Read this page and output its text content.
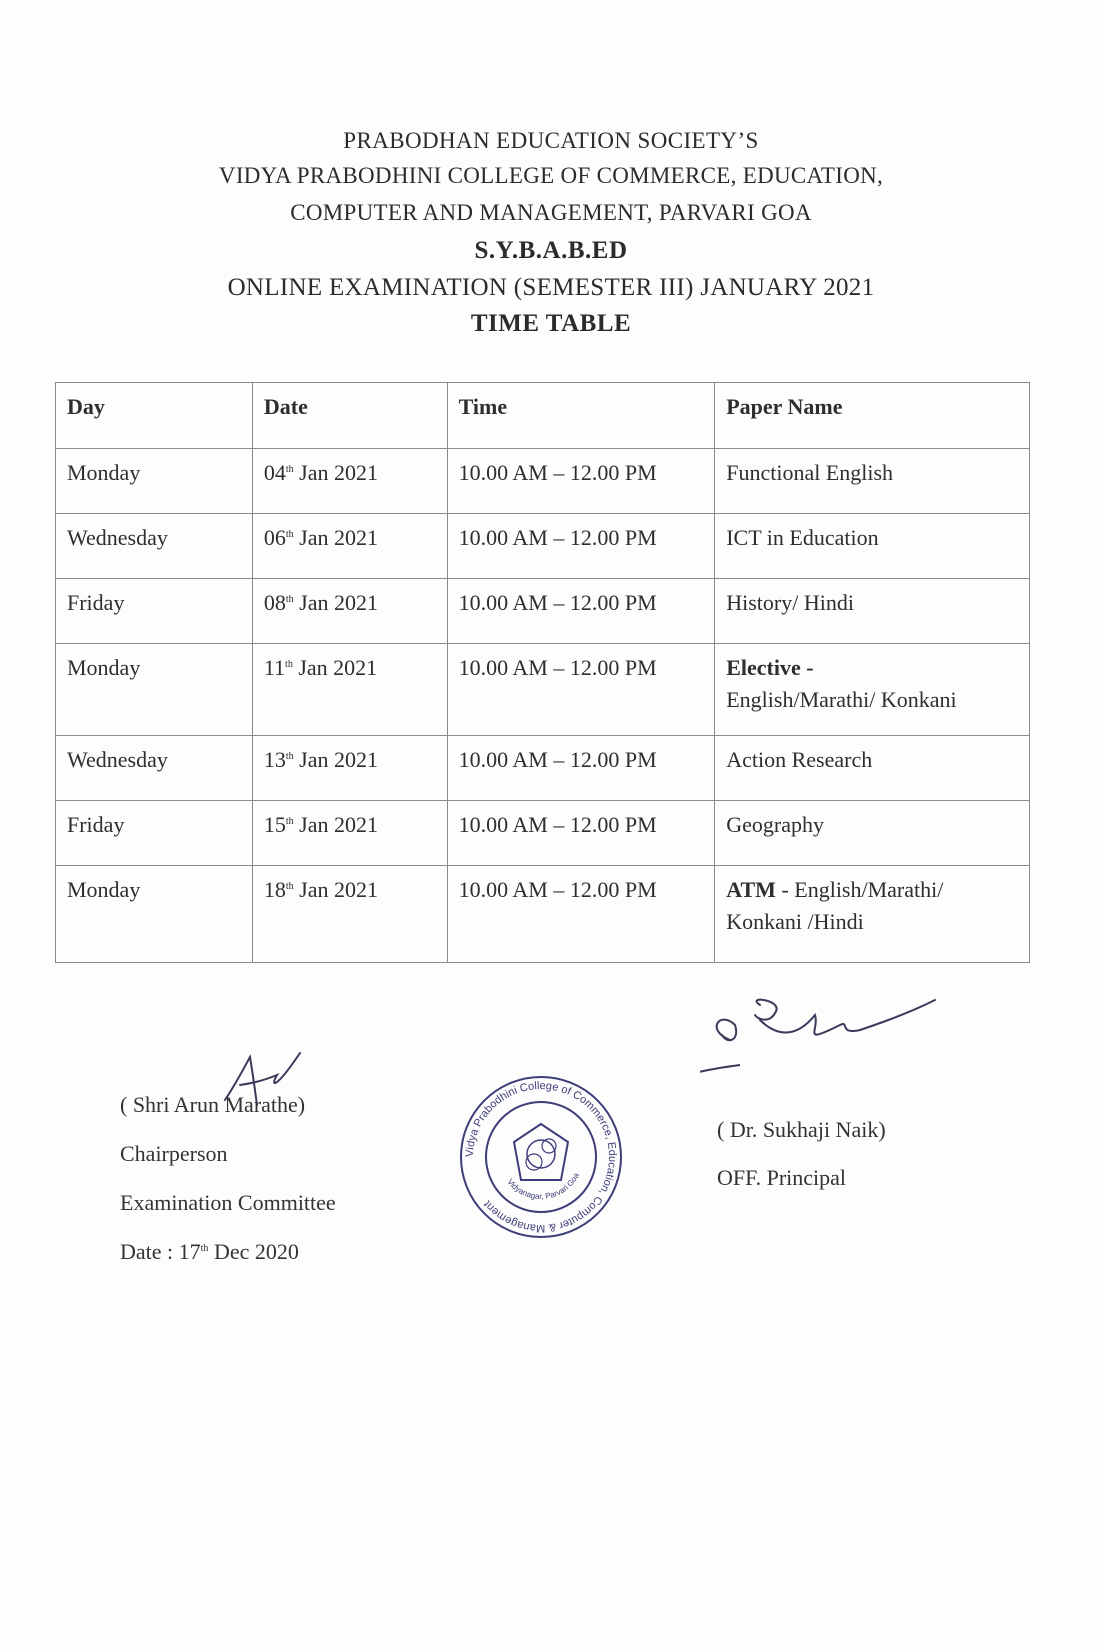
PRABODHAN EDUCATION SOCIETY’S
VIDYA PRABODHINI COLLEGE OF COMMERCE, EDUCATION,
COMPUTER AND MANAGEMENT, PARVARI GOA
S.Y.B.A.B.ED
ONLINE EXAMINATION (SEMESTER III) JANUARY 2021
TIME TABLE
Day	Date	Time	Paper Name
Monday	04th Jan 2021	10.00 AM – 12.00 PM	Functional English
Wednesday	06th Jan 2021	10.00 AM – 12.00 PM	ICT in Education
Friday	08th Jan 2021	10.00 AM – 12.00 PM	History/ Hindi
Monday	11th Jan 2021	10.00 AM – 12.00 PM	Elective -
English/Marathi/ Konkani
Wednesday	13th Jan 2021	10.00 AM – 12.00 PM	Action Research
Friday	15th Jan 2021	10.00 AM – 12.00 PM	Geography
Monday	18th Jan 2021	10.00 AM – 12.00 PM	ATM - English/Marathi/ Konkani /Hindi
( Shri Arun Marathe)
Chairperson
Examination Committee
Date : 17th Dec 2020
Vidya Prabodhini College of Commerce, Education, Computer & Management
Vidyanagar, Parvari Goa
( Dr. Sukhaji Naik)
OFF. Principal
